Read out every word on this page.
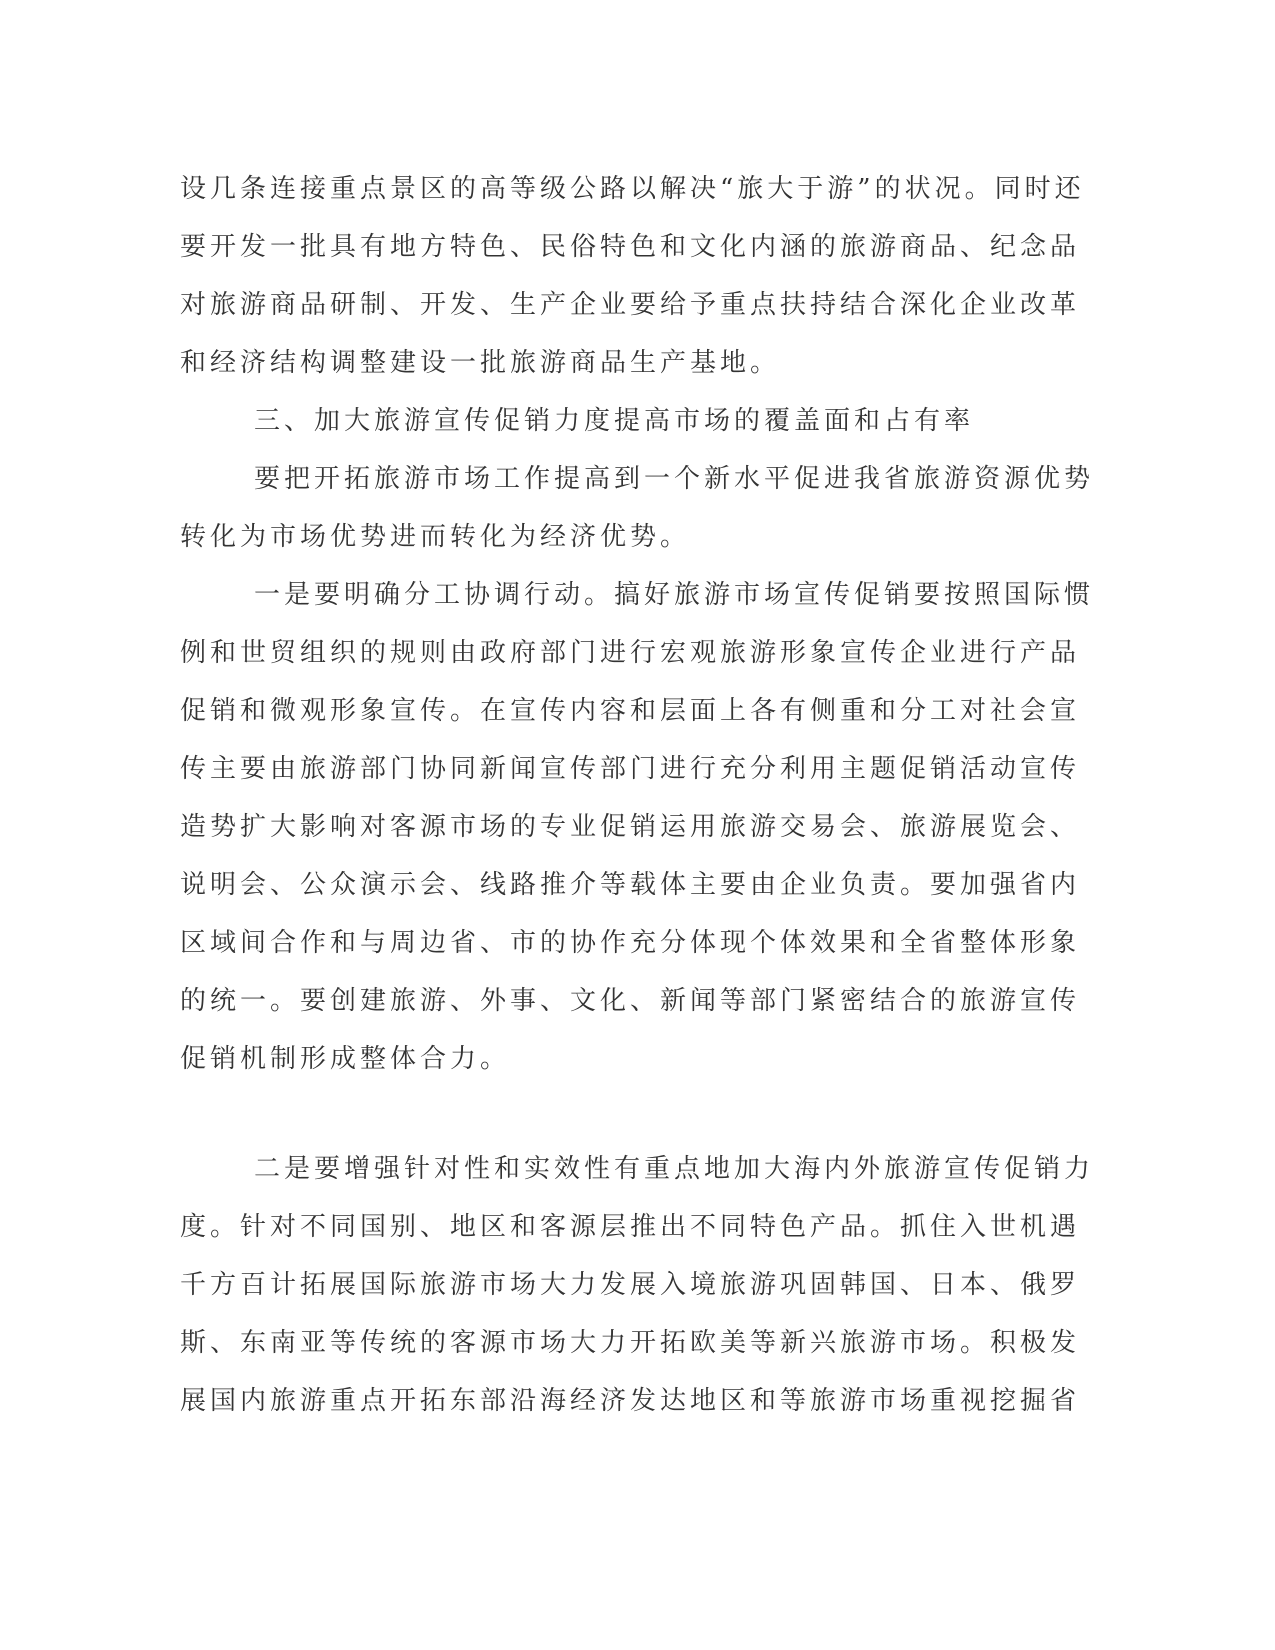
设几条连接重点景区的高等级公路以解决“旅大于游”的状况。同时还
要开发一批具有地方特色、民俗特色和文化内涵的旅游商品、纪念品
对旅游商品研制、开发、生产企业要给予重点扶持结合深化企业改革
和经济结构调整建设一批旅游商品生产基地。
三、加大旅游宣传促销力度提高市场的覆盖面和占有率
要把开拓旅游市场工作提高到一个新水平促进我省旅游资源优势
转化为市场优势进而转化为经济优势。
一是要明确分工协调行动。搞好旅游市场宣传促销要按照国际惯
例和世贸组织的规则由政府部门进行宏观旅游形象宣传企业进行产品
促销和微观形象宣传。在宣传内容和层面上各有侧重和分工对社会宣
传主要由旅游部门协同新闻宣传部门进行充分利用主题促销活动宣传
造势扩大影响对客源市场的专业促销运用旅游交易会、旅游展览会、
说明会、公众演示会、线路推介等载体主要由企业负责。要加强省内
区域间合作和与周边省、市的协作充分体现个体效果和全省整体形象
的统一。要创建旅游、外事、文化、新闻等部门紧密结合的旅游宣传
促销机制形成整体合力。
二是要增强针对性和实效性有重点地加大海内外旅游宣传促销力
度。针对不同国别、地区和客源层推出不同特色产品。抓住入世机遇
千方百计拓展国际旅游市场大力发展入境旅游巩固韩国、日本、俄罗
斯、东南亚等传统的客源市场大力开拓欧美等新兴旅游市场。积极发
展国内旅游重点开拓东部沿海经济发达地区和等旅游市场重视挖掘省
